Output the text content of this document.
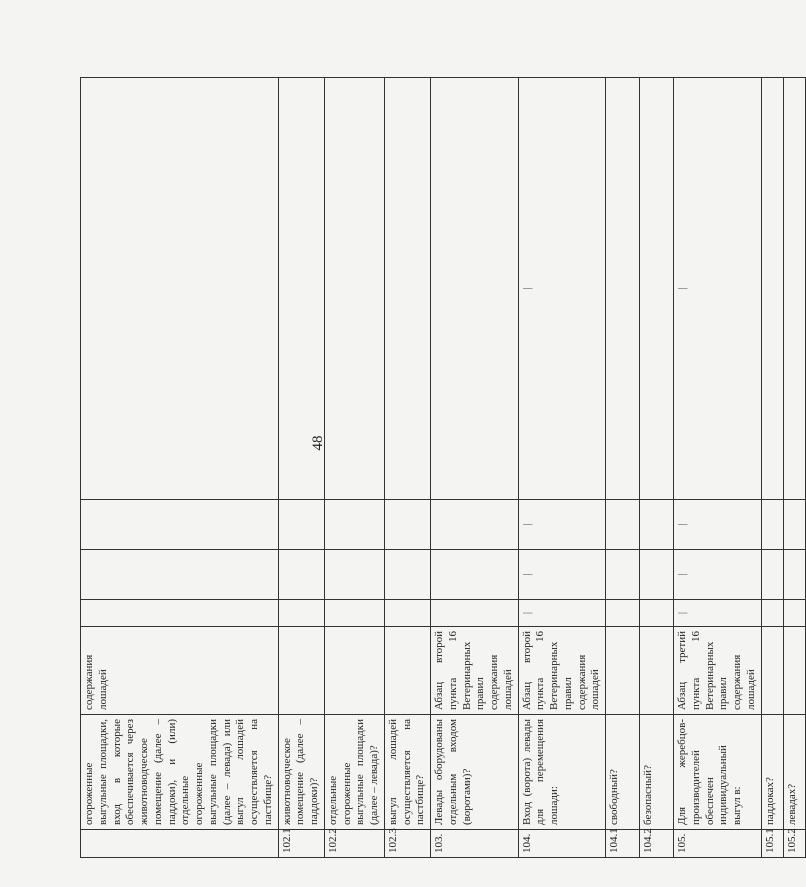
48
	огороженные выгульные площадки, вход в которые обеспечивается через животноводческое помещение (далее – паддоки), и (или) отдельные огороженные выгульные площадки (далее – левада) или выгул лошадей осуществляется на пастбище?	содержания лошадей				
102.1	животноводческое помещение (далее – паддоки)?					
102.2	отдельные огороженные выгульные площадки (далее – левада)?					
102.3	выгул лошадей осуществляется на пастбище?					
103.	Левады оборудованы отдельным входом (воротами)?	Абзац второй пункта 16 Ветеринарных правил содержания лошадей				
104.	Вход (ворота) левады для перемещения лошади:	Абзац второй пункта 16 Ветеринарных правил содержания лошадей	|	|	|	|
104.1	свободный?					
104.2	безопасный?					
105.	Для жеребцов-производителей обеспечен индивидуальный выгул в:	Абзац третий пункта 16 Ветеринарных правил содержания лошадей	|	|	|	|
105.1	паддоках?					
105.2	левадах?					
